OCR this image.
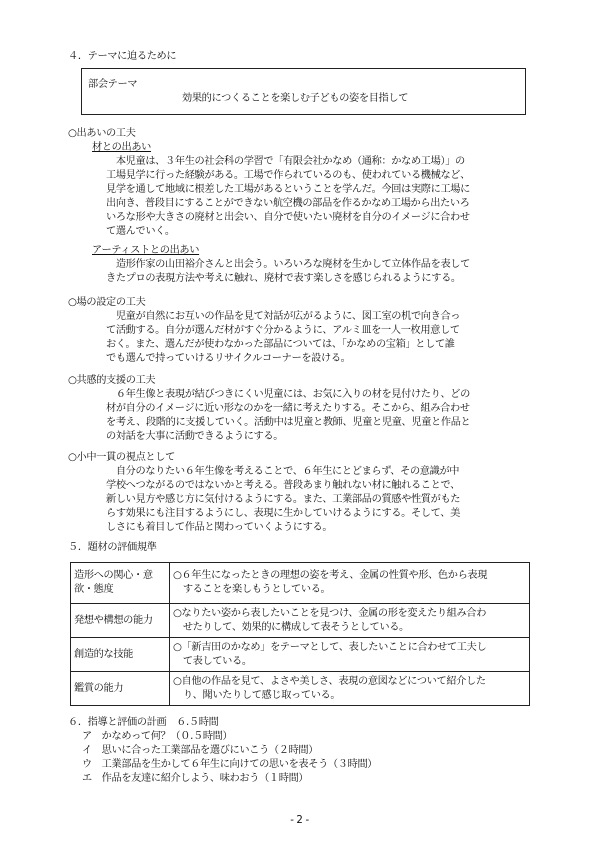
４．テーマに迫るために
部会テーマ
効果的につくることを楽しむ子どもの姿を目指して
○出あいの工夫
材との出あい

　本児童は、３年生の社会科の学習で「有限会社かなめ（通称：かなめ工場）」の

工場見学に行った経験がある。工場で作られているのも、使われている機械など、

見学を通して地域に根差した工場があるということを学んだ。今回は実際に工場に

出向き、普段目にすることができない航空機の部品を作るかなめ工場から出たいろ

いろな形や大きさの廃材と出会い、自分で使いたい廃材を自分のイメージに合わせ

て選んでいく。

アーティストとの出あい

　造形作家の山田裕介さんと出会う。いろいろな廃材を生かして立体作品を表して

きたプロの表現方法や考えに触れ、廃材で表す楽しさを感じられるようにする。

○場の設定の工夫

　児童が自然にお互いの作品を見て対話が広がるように、図工室の机で向き合っ

て活動する。自分が選んだ材がすぐ分かるように、アルミ皿を一人一枚用意して

おく。また、選んだが使わなかった部品については、「かなめの宝箱」として誰

でも選んで持っていけるリサイクルコーナーを設ける。

○共感的支援の工夫

　６年生像と表現が結びつきにくい児童には、お気に入りの材を見付けたり、どの

材が自分のイメージに近い形なのかを一緒に考えたりする。そこから、組み合わせ

を考え、段階的に支援していく。活動中は児童と教師、児童と児童、児童と作品と

の対話を大事に活動できるようにする。

○小中一貫の視点として

　自分のなりたい６年生像を考えることで、６年生にとどまらず、その意識が中

学校へつながるのではないかと考える。普段あまり触れない材に触れることで、

新しい見方や感じ方に気付けるようにする。また、工業部品の質感や性質がもた

らす効果にも注目するようにし、表現に生かしていけるようにする。そして、美

しさにも着目して作品と関わっていくようにする。

５．題材の評価規準
造形への関心・意欲・態度	○６年生になったときの理想の姿を考え、金属の性質や形、色から表現
　することを楽しもうとしている。

発想や構想の能力	○なりたい姿から表したいことを見つけ、金属の形を変えたり組み合わ
　せたりして、効果的に構成して表そうとしている。

創造的な技能	○「新吉田のかなめ」をテーマとして、表したいことに合わせて工夫し
　て表している。

鑑賞の能力	○自他の作品を見て、よさや美しさ、表現の意図などについて紹介した
　り、聞いたりして感じ取っている。
６．指導と評価の計画　６.５時間
ア　かなめって何？（０.５時間）
イ　思いに合った工業部品を選びにいこう（２時間）
ウ　工業部品を生かして６年生に向けての思いを表そう（３時間）
エ　作品を友達に紹介しよう、味わおう（１時間）
- 2 -
